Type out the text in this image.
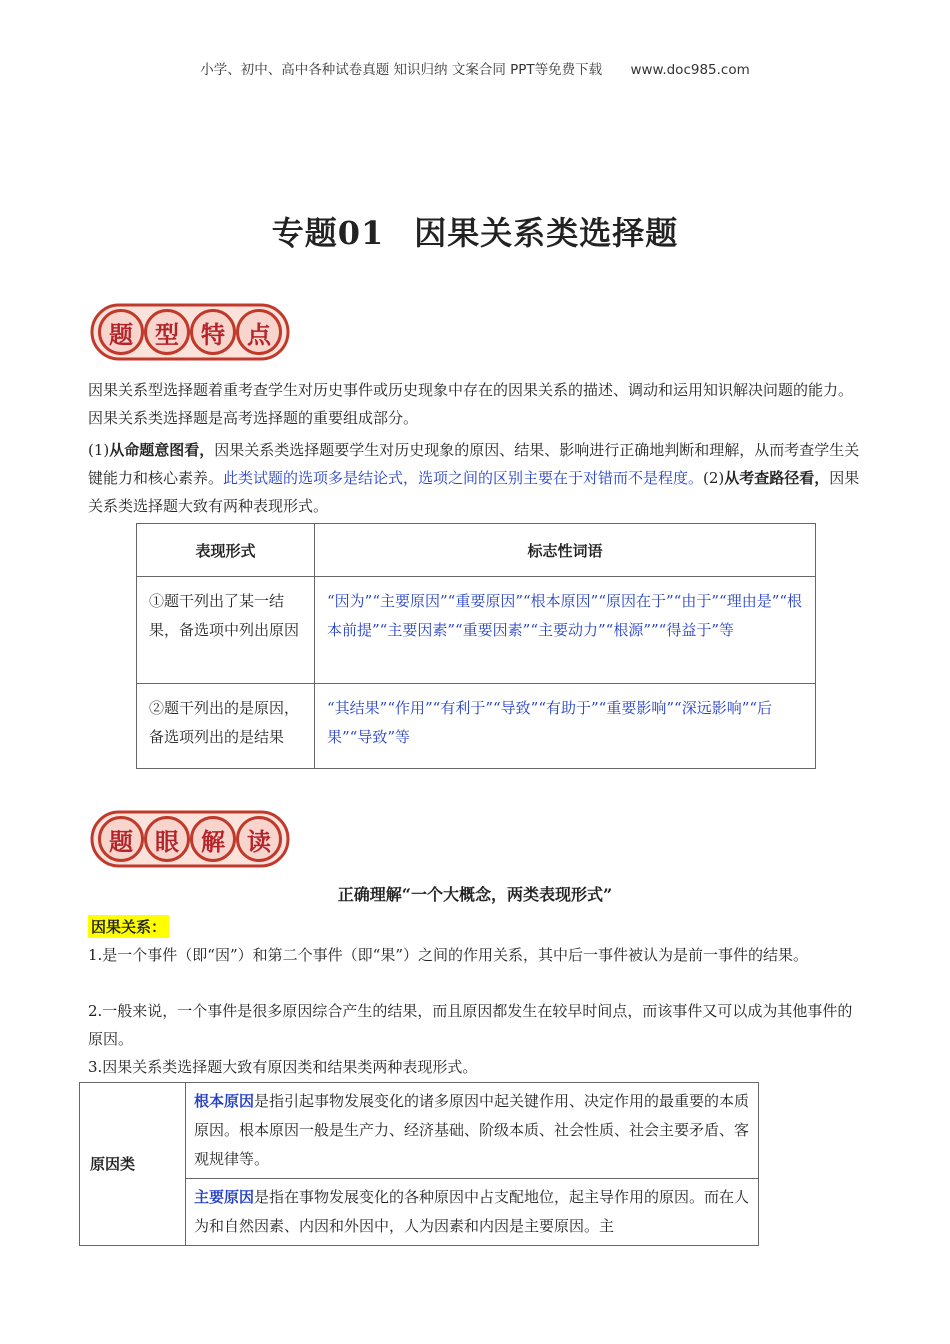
小学、初中、高中各种试卷真题 知识归纳 文案合同 PPT等免费下载 www.doc985.com
专题01 因果关系类选择题
题 型 特 点
因果关系型选择题着重考查学生对历史事件或历史现象中存在的因果关系的描述、调动和运用知识解决问题的能力。因果关系类选择题是高考选择题的重要组成部分。
(1)从命题意图看，因果关系类选择题要学生对历史现象的原因、结果、影响进行正确地判断和理解，从而考查学生关键能力和核心素养。此类试题的选项多是结论式，选项之间的区别主要在于对错而不是程度。(2)从考查路径看，因果关系类选择题大致有两种表现形式。
表现形式	标志性词语
①题干列出了某一结果，备选项中列出原因	“因为”“主要原因”“重要原因”“根本原因”“原因在于”“由于”“理由是”“根本前提”“主要因素”“重要因素”“主要动力”“根源””“得益于”等
②题干列出的是原因，备选项列出的是结果	“其结果”“作用”“有利于”“导致”“有助于”“重要影响”“深远影响”“后果”“导致”等
题 眼 解 读
正确理解“一个大概念，两类表现形式”
因果关系：
1.是一个事件（即“因”）和第二个事件（即“果”）之间的作用关系，其中后一事件被认为是前一事件的结果。
2.一般来说，一个事件是很多原因综合产生的结果，而且原因都发生在较早时间点，而该事件又可以成为其他事件的原因。
3.因果关系类选择题大致有原因类和结果类两种表现形式。
原因类	根本原因是指引起事物发展变化的诸多原因中起关键作用、决定作用的最重要的本质原因。根本原因一般是生产力、经济基础、阶级本质、社会性质、社会主要矛盾、客观规律等。
主要原因是指在事物发展变化的各种原因中占支配地位，起主导作用的原因。而在人为和自然因素、内因和外因中，人为因素和内因是主要原因。主
